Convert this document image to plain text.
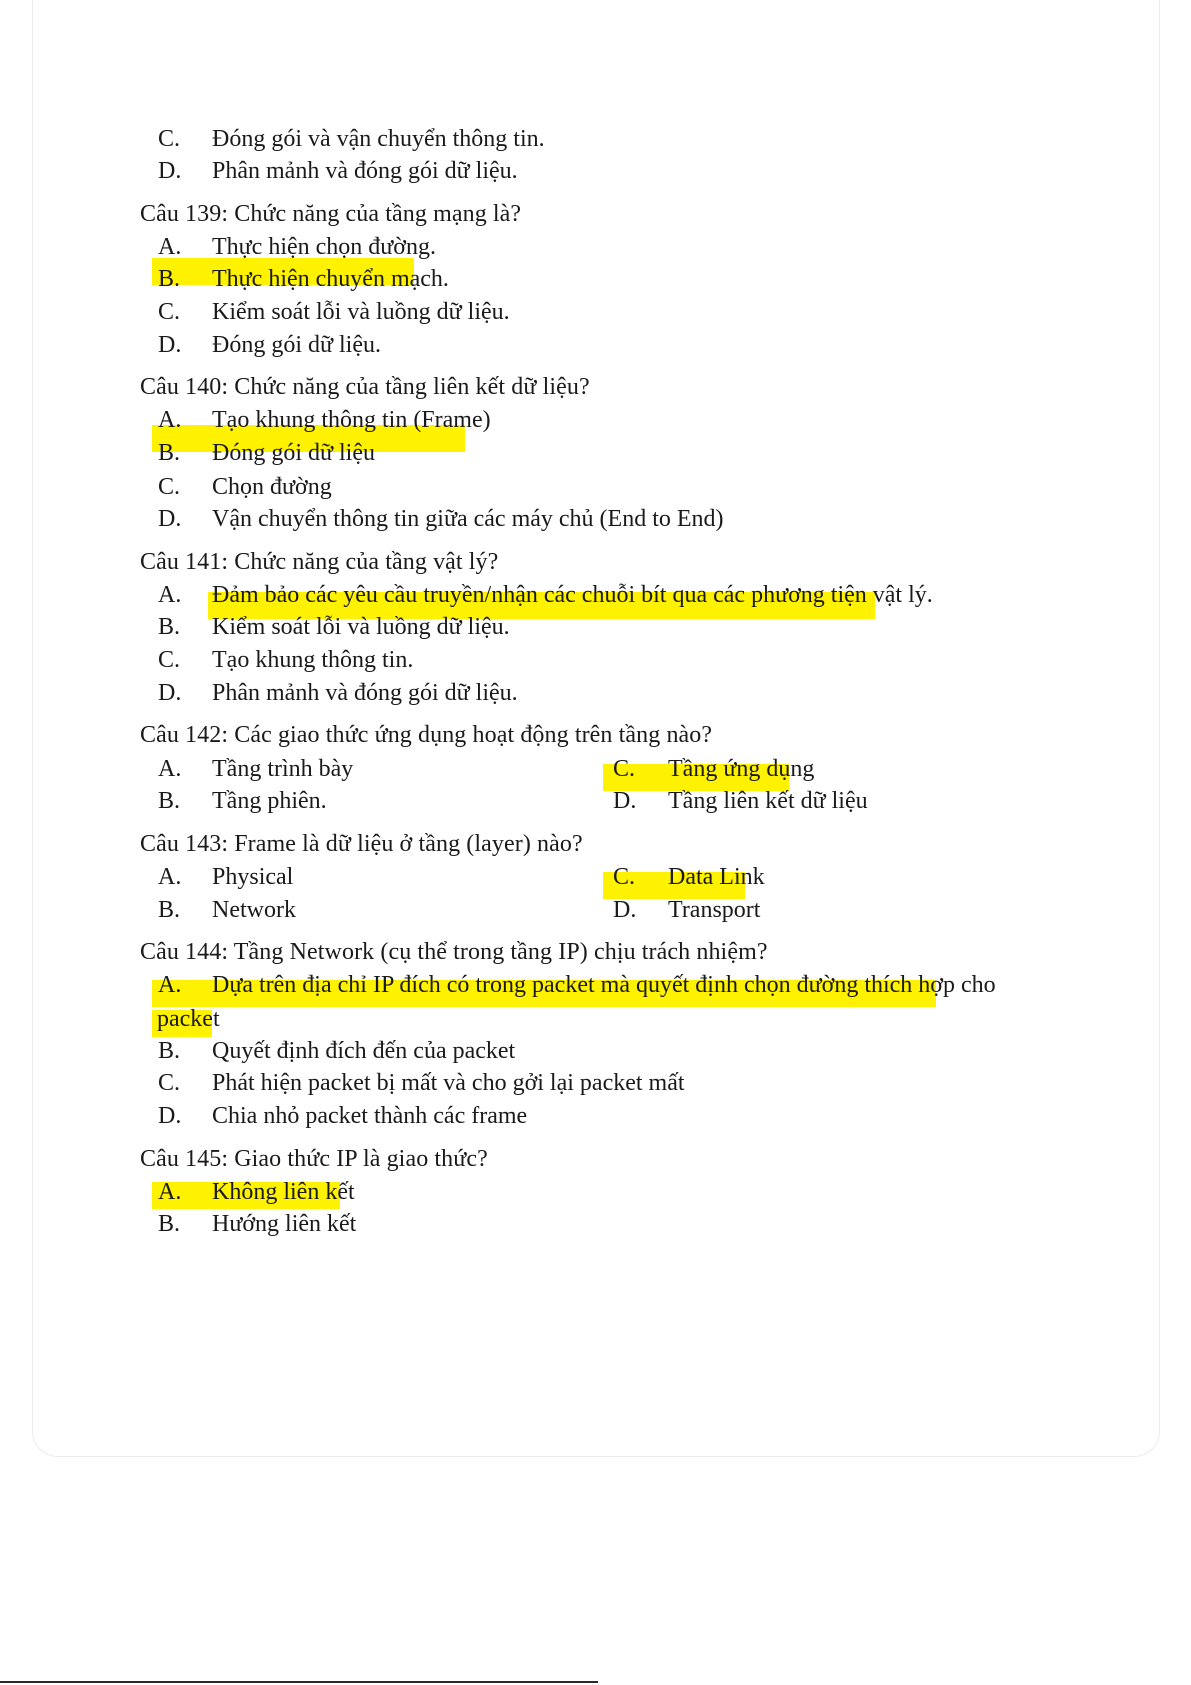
C. Đóng gói và vận chuyển thông tin.
D. Phân mảnh và đóng gói dữ liệu.
Câu 139: Chức năng của tầng mạng là?
A. Thực hiện chọn đường.
B. Thực hiện chuyển mạch.
C. Kiểm soát lỗi và luồng dữ liệu.
D. Đóng gói dữ liệu.
Câu 140: Chức năng của tầng liên kết dữ liệu?
A. Tạo khung thông tin (Frame)
B. Đóng gói dữ liệu
C. Chọn đường
D. Vận chuyển thông tin giữa các máy chủ (End to End)
Câu 141: Chức năng của tầng vật lý?
A. Đảm bảo các yêu cầu truyền/nhận các chuỗi bít qua các phương tiện vật lý.
B. Kiểm soát lỗi và luồng dữ liệu.
C. Tạo khung thông tin.
D. Phân mảnh và đóng gói dữ liệu.
Câu 142: Các giao thức ứng dụng hoạt động trên tầng nào?
A. Tầng trình bày	C. Tầng ứng dụng
B. Tầng phiên.	D. Tầng liên kết dữ liệu
Câu 143: Frame là dữ liệu ở tầng (layer) nào?
A. Physical	C. Data Link
B. Network	D. Transport
Câu 144: Tầng Network (cụ thể trong tầng IP) chịu trách nhiệm?
A. Dựa trên địa chỉ IP đích có trong packet mà quyết định chọn đường thích hợp cho
packet
B. Quyết định đích đến của packet
C. Phát hiện packet bị mất và cho gởi lại packet mất
D. Chia nhỏ packet thành các frame
Câu 145: Giao thức IP là giao thức?
A. Không liên kết
B. Hướng liên kết
